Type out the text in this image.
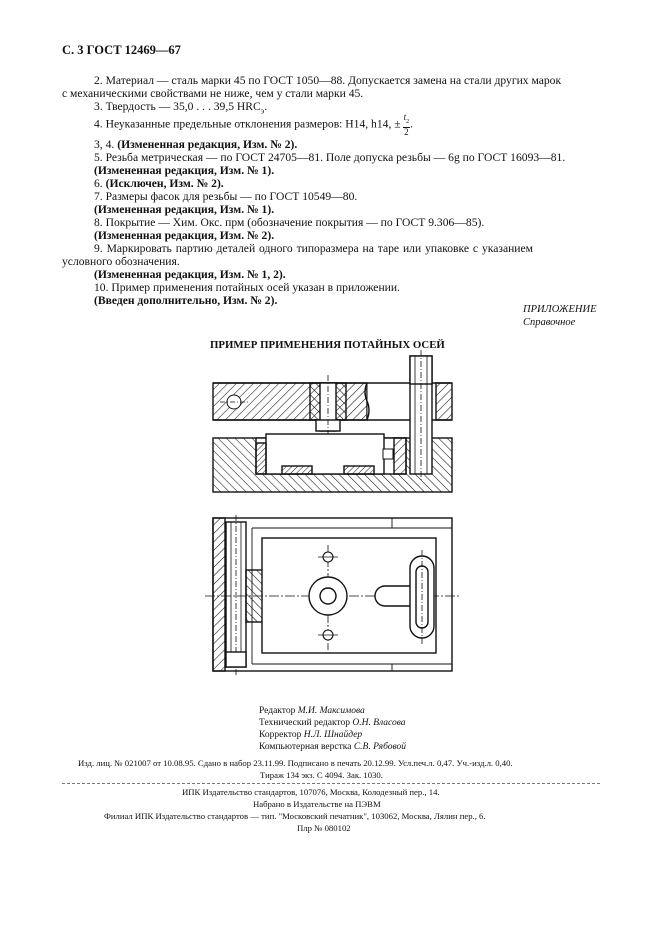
С. 3 ГОСТ 12469—67
2. Материал — сталь марки 45 по ГОСТ 1050—88. Допускается замена на стали других марок
с механическими свойствами не ниже, чем у стали марки 45.
3. Твердость — 35,0 . . . 39,5 $HRC_э$.
4. Неуказанные предельные отклонения размеров: H14, h14, ± $\frac{t_2}{2}$ .
3, 4. (Измененная редакция, Изм. № 2).
5. Резьба метрическая — по ГОСТ 24705—81. Поле допуска резьбы — 6g по ГОСТ 16093—81.
(Измененная редакция, Изм. № 1).
6. (Исключен, Изм. № 2).
7. Размеры фасок для резьбы — по ГОСТ 10549—80.
(Измененная редакция, Изм. № 1).
8. Покрытие — Хим. Окс. прм (обозначение покрытия — по ГОСТ 9.306—85).
(Измененная редакция, Изм. № 2).
9. Маркировать партию деталей одного типоразмера на таре или упаковке с указанием
условного обозначения.
(Измененная редакция, Изм. № 1, 2).
10. Пример применения потайных осей указан в приложении.
(Введен дополнительно, Изм. № 2).
ПРИЛОЖЕНИЕ
Справочное
ПРИМЕР ПРИМЕНЕНИЯ ПОТАЙНЫХ ОСЕЙ
Редактор М.И. Максимова
Технический редактор О.Н. Власова
Корректор Н.Л. Шнайдер
Компьютерная верстка С.В. Рябовой
Изд. лиц. № 021007 от 10.08.95. Сдано в набор 23.11.99. Подписано в печать 20.12.99. Усл.печ.л. 0,47. Уч.-изд.л. 0,40.
Тираж 134 экз. С 4094. Зак. 1030.
ИПК Издательство стандартов, 107076, Москва, Колодезный пер., 14.
Набрано в Издательстве на ПЭВМ
Филиал ИПК Издательство стандартов — тип. "Московский печатник", 103062, Москва, Лялин пер., 6.
Плр № 080102
